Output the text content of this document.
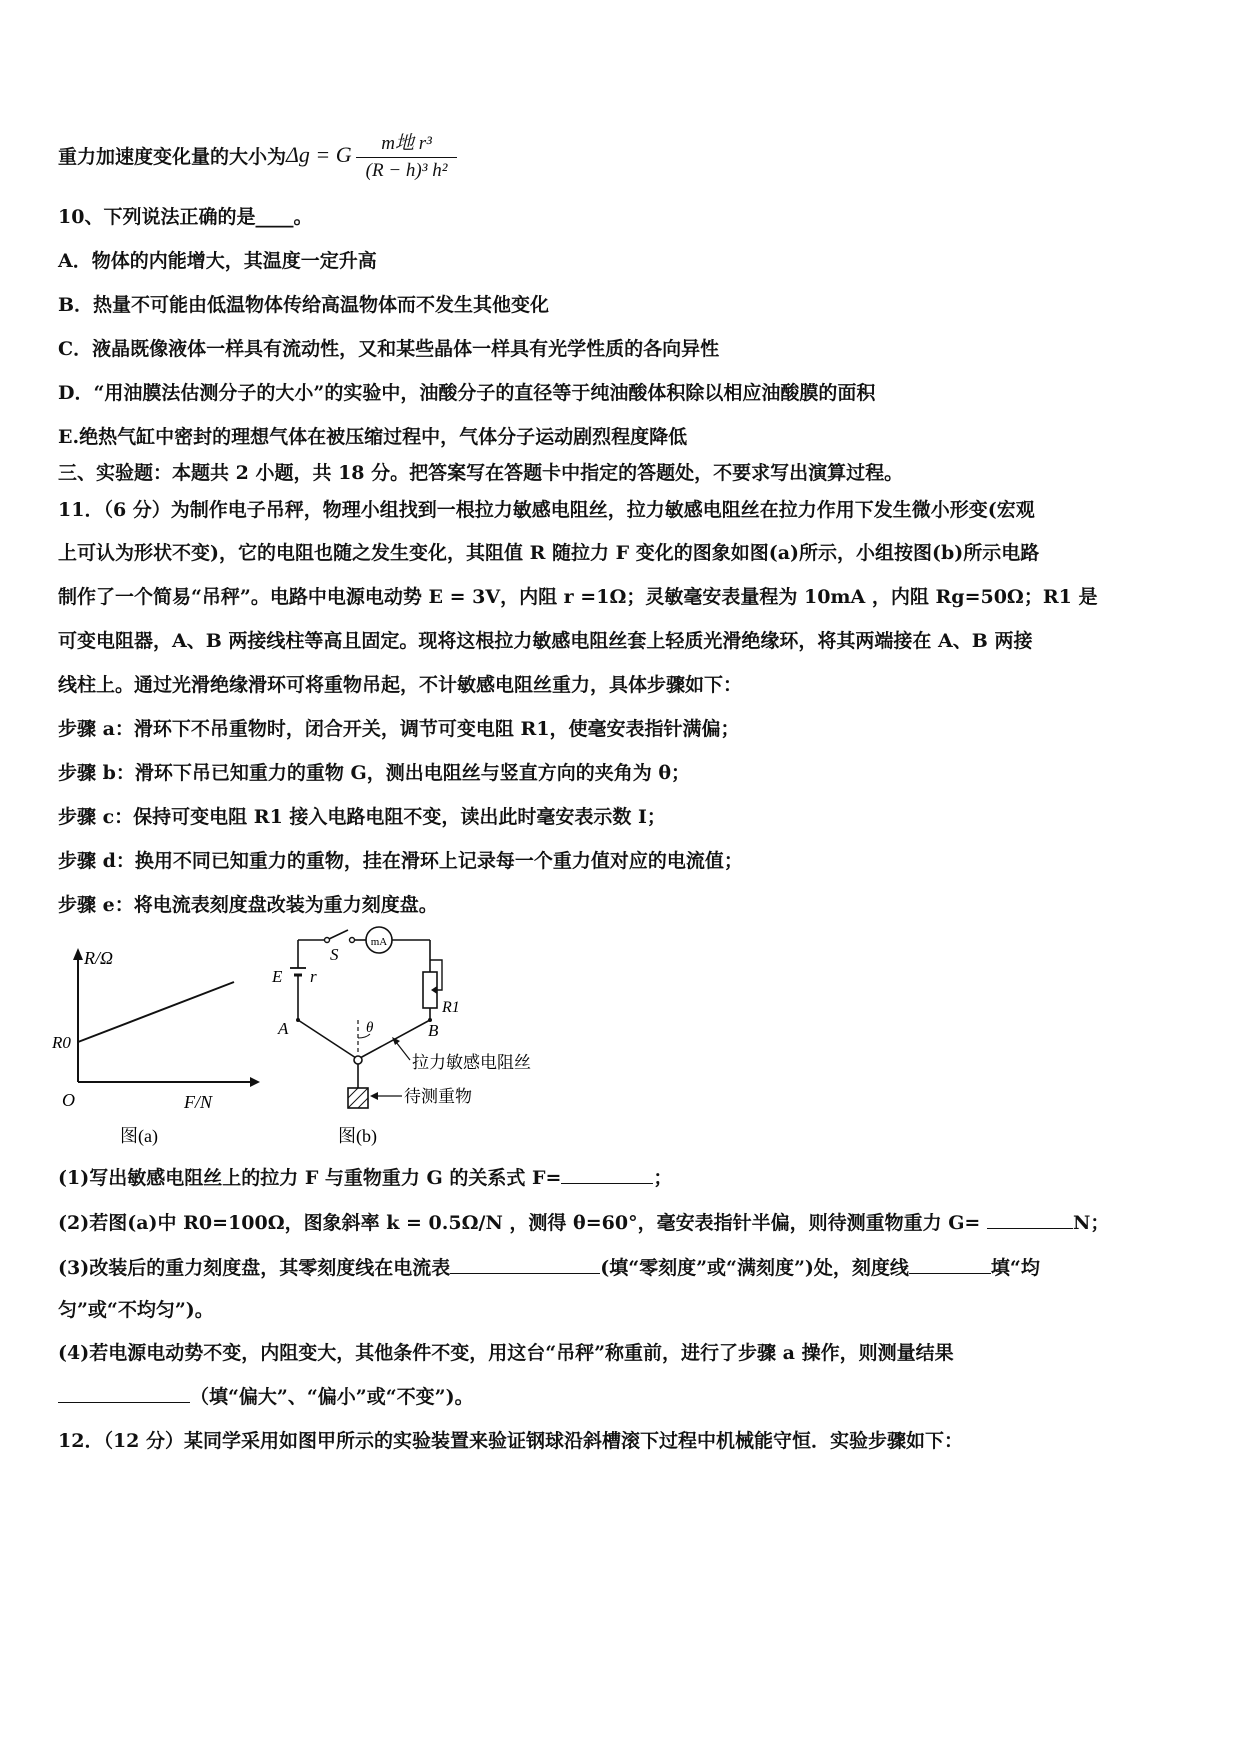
重力加速度变化量的大小为 Δg = G $\frac{\text{m地 r³}}{\text{(R − h)³ h²}}$
10、下列说法正确的是____。
A．物体的内能增大，其温度一定升高
B．热量不可能由低温物体传给高温物体而不发生其他变化
C．液晶既像液体一样具有流动性，又和某些晶体一样具有光学性质的各向异性
D．“用油膜法估测分子的大小”的实验中，油酸分子的直径等于纯油酸体积除以相应油酸膜的面积
E.绝热气缸中密封的理想气体在被压缩过程中，气体分子运动剧烈程度降低
三、实验题：本题共 2 小题，共 18 分。把答案写在答题卡中指定的答题处，不要求写出演算过程。
11．（6 分）为制作电子吊秤，物理小组找到一根拉力敏感电阻丝，拉力敏感电阻丝在拉力作用下发生微小形变(宏观
上可认为形状不变)，它的电阻也随之发生变化，其阻值 R 随拉力 F 变化的图象如图(a)所示，小组按图(b)所示电路
制作了一个简易“吊秤”。电路中电源电动势 E = 3V，内阻 r =1Ω；灵敏毫安表量程为 10mA ，内阻 Rg=50Ω；R1 是
可变电阻器，A、B 两接线柱等高且固定。现将这根拉力敏感电阻丝套上轻质光滑绝缘环，将其两端接在 A、B 两接
线柱上。通过光滑绝缘滑环可将重物吊起，不计敏感电阻丝重力，具体步骤如下：
步骤 a：滑环下不吊重物时，闭合开关，调节可变电阻 R1，使毫安表指针满偏；
步骤 b：滑环下吊已知重力的重物 G，测出电阻丝与竖直方向的夹角为 θ；
步骤 c：保持可变电阻 R1 接入电路电阻不变，读出此时毫安表示数 I；
步骤 d：换用不同已知重力的重物，挂在滑环上记录每一个重力值对应的电流值；
步骤 e：将电流表刻度盘改装为重力刻度盘。
R/Ω
F/N
O
R0
图(a)
mA
S
E r
R1
A	B
θ
拉力敏感电阻丝
待测重物
图(b)
(1)写出敏感电阻丝上的拉力 F 与重物重力 G 的关系式 F=	；
(2)若图(a)中 R0=100Ω，图象斜率 k = 0.5Ω/N ，测得 θ=60°，毫安表指针半偏，则待测重物重力 G=	N；
(3)改装后的重力刻度盘，其零刻度线在电流表	(填“零刻度”或“满刻度”)处，刻度线	填“均
匀”或“不均匀”)。
(4)若电源电动势不变，内阻变大，其他条件不变，用这台“吊秤”称重前，进行了步骤 a 操作，则测量结果
（填“偏大”、“偏小”或“不变”)。
12．（12 分）某同学采用如图甲所示的实验装置来验证钢球沿斜槽滚下过程中机械能守恒．实验步骤如下：
